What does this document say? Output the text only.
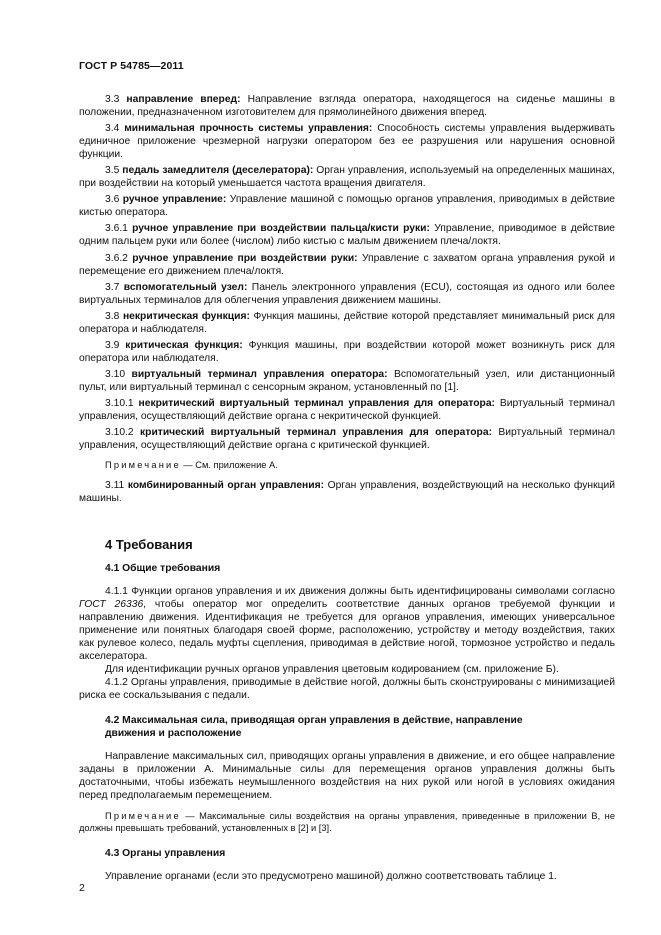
ГОСТ Р 54785—2011

3.3 направление вперед: Направление взгляда оператора, находящегося на сиденье машины в положении, предназначенном изготовителем для прямолинейного движения вперед.

3.4 минимальная прочность системы управления: Способность системы управления выдерживать единичное приложение чрезмерной нагрузки оператором без ее разрушения или нарушения основной функции.

3.5 педаль замедлителя (деселератора): Орган управления, используемый на определенных машинах, при воздействии на который уменьшается частота вращения двигателя.

3.6 ручное управление: Управление машиной с помощью органов управления, приводимых в действие кистью оператора.

3.6.1 ручное управление при воздействии пальца/кисти руки: Управление, приводимое в действие одним пальцем руки или более (числом) либо кистью с малым движением плеча/локтя.

3.6.2 ручное управление при воздействии руки: Управление с захватом органа управления рукой и перемещение его движением плеча/локтя.

3.7 вспомогательный узел: Панель электронного управления (ECU), состоящая из одного или более виртуальных терминалов для облегчения управления движением машины.

3.8 некритическая функция: Функция машины, действие которой представляет минимальный риск для оператора и наблюдателя.

3.9 критическая функция: Функция машины, при воздействии которой может возникнуть риск для оператора или наблюдателя.

3.10 виртуальный терминал управления оператора: Вспомогательный узел, или дистанционный пульт, или виртуальный терминал с сенсорным экраном, установленный по [1].

3.10.1 некритический виртуальный терминал управления для оператора: Виртуальный терминал управления, осуществляющий действие органа с некритической функцией.

3.10.2 критический виртуальный терминал управления для оператора: Виртуальный терминал управления, осуществляющий действие органа с критической функцией.

Примечание — См. приложение А.

3.11 комбинированный орган управления: Орган управления, воздействующий на несколько функций машины.

4 Требования
4.1 Общие требования

4.1.1 Функции органов управления и их движения должны быть идентифицированы символами согласно ГОСТ 26336, чтобы оператор мог определить соответствие данных органов требуемой функции и направлению движения. Идентификация не требуется для органов управления, имеющих универсальное применение или понятных благодаря своей форме, расположению, устройству и методу воздействия, таких как рулевое колесо, педаль муфты сцепления, приводимая в действие ногой, тормозное устройство и педаль акселератора.

Для идентификации ручных органов управления цветовым кодированием (см. приложение Б).

4.1.2 Органы управления, приводимые в действие ногой, должны быть сконструированы с минимизацией риска ее соскальзывания с педали.

4.2 Максимальная сила, приводящая орган управления в действие, направление
движения и расположение

Направление максимальных сил, приводящих органы управления в движение, и его общее направление заданы в приложении А. Минимальные силы для перемещения органов управления должны быть достаточными, чтобы избежать неумышленного воздействия на них рукой или ногой в условиях ожидания перед предполагаемым перемещением.

Примечание — Максимальные силы воздействия на органы управления, приведенные в приложении В, не должны превышать требований, установленных в [2] и [3].

4.3 Органы управления

Управление органами (если это предусмотрено машиной) должно соответствовать таблице 1.

2
